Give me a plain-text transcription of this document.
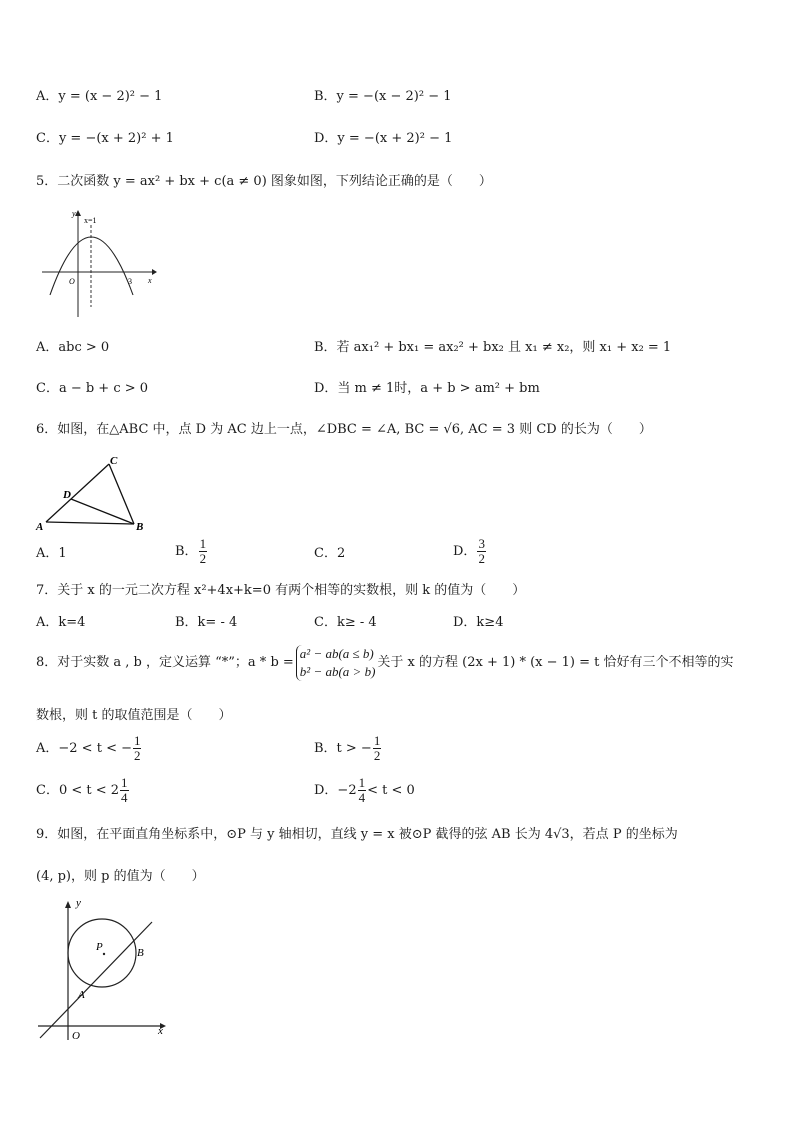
A．y = (x − 2)² − 1	B．y = −(x − 2)² − 1
C．y = −(x + 2)² + 1	D．y = −(x + 2)² − 1
5．二次函数 y = ax² + bx + c(a ≠ 0) 图象如图，下列结论正确的是（　　）
x=1
y
x
O	3
A．abc > 0	B．若 ax₁² + bx₁ = ax₂² + bx₂ 且 x₁ ≠ x₂，则 x₁ + x₂ = 1
C．a − b + c > 0	D．当 m ≠ 1时，a + b > am² + bm
6．如图，在△ABC 中，点 D 为 AC 边上一点，∠DBC = ∠A, BC = √6, AC = 3 则 CD 的长为（　　）
A	B
C
D
A．1	B． $\frac{1}{2}$	C．2	D． $\frac{3}{2}$
7．关于 x 的一元二次方程 x²+4x+k=0 有两个相等的实数根，则 k 的值为（　　）
A．k=4	B．k= - 4	C．k≥ - 4	D．k≥4
8．对于实数 a , b ，定义运算 “*”；a * b =
a² − ab(a ≤ b)
b² − ab(a > b)
关于 x 的方程 (2x + 1) * (x − 1) = t 恰好有三个不相等的实
数根，则 t 的取值范围是（　　）
A．−2 < t < − $\frac{1}{2}$	B．t > − $\frac{1}{2}$
C．$0 < t < 2 \frac{1}{4}$	D．$-2 \frac{1}{4} < t < 0$
9．如图，在平面直角坐标系中，⊙P 与 y 轴相切，直线 y = x 被⊙P 截得的弦 AB 长为 4√3，若点 P 的坐标为
(4, p)，则 p 的值为（　　）
y
x
O
P
A
B
